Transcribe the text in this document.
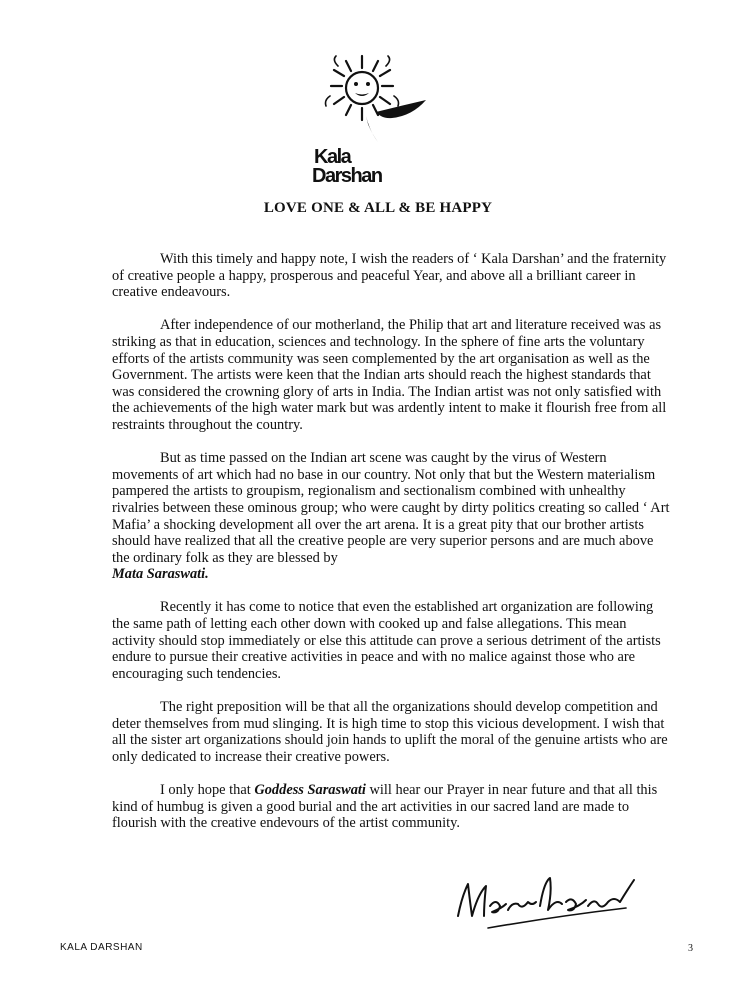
Kala
Darshan
LOVE ONE & ALL & BE HAPPY

With this timely and happy note, I wish the readers of ‘ Kala Darshan’ and the fraternity of creative people a happy, prosperous and peaceful Year, and above all a brilliant career in creative endeavours.

After independence of our motherland, the Philip that art and literature received was as striking as that in education, sciences and technology. In the sphere of fine arts the voluntary efforts of the artists community was seen complemented by the art organisation as well as the Government. The artists were keen that the Indian arts should reach the highest standards that was considered the crowning glory of arts in India. The Indian artist was not only satisfied with the achievements of the high water mark but was ardently intent to make it flourish free from all restraints throughout the country.

But as time passed on the Indian art scene was caught by the virus of Western movements of art which had no base in our country. Not only that but the Western materialism pampered the artists to groupism, regionalism and sectionalism combined with unhealthy rivalries between these ominous group; who were caught by dirty politics creating so called ‘ Art Mafia’ a shocking development all over the art arena. It is a great pity that our brother artists should have realized that all the creative people are very superior persons and are much above the ordinary folk as they are blessed by
Mata Saraswati.

Recently it has come to notice that even the established art organization are following the same path of letting each other down with cooked up and false allegations. This mean activity should stop immediately or else this attitude can prove a serious detriment of the artists endure to pursue their creative activities in peace and with no malice against those who are encouraging such tendencies.

The right preposition will be that all the organizations should develop competition and deter themselves from mud slinging. It is high time to stop this vicious development. I wish that all the sister art organizations should join hands to uplift the moral of the genuine artists who are only dedicated to increase their creative powers.

I only hope that Goddess Saraswati will hear our Prayer in near future and that all this kind of humbug is given a good burial and the art activities in our sacred land are made to flourish with the creative endevours of the artist community.

KALA DARSHAN	3
